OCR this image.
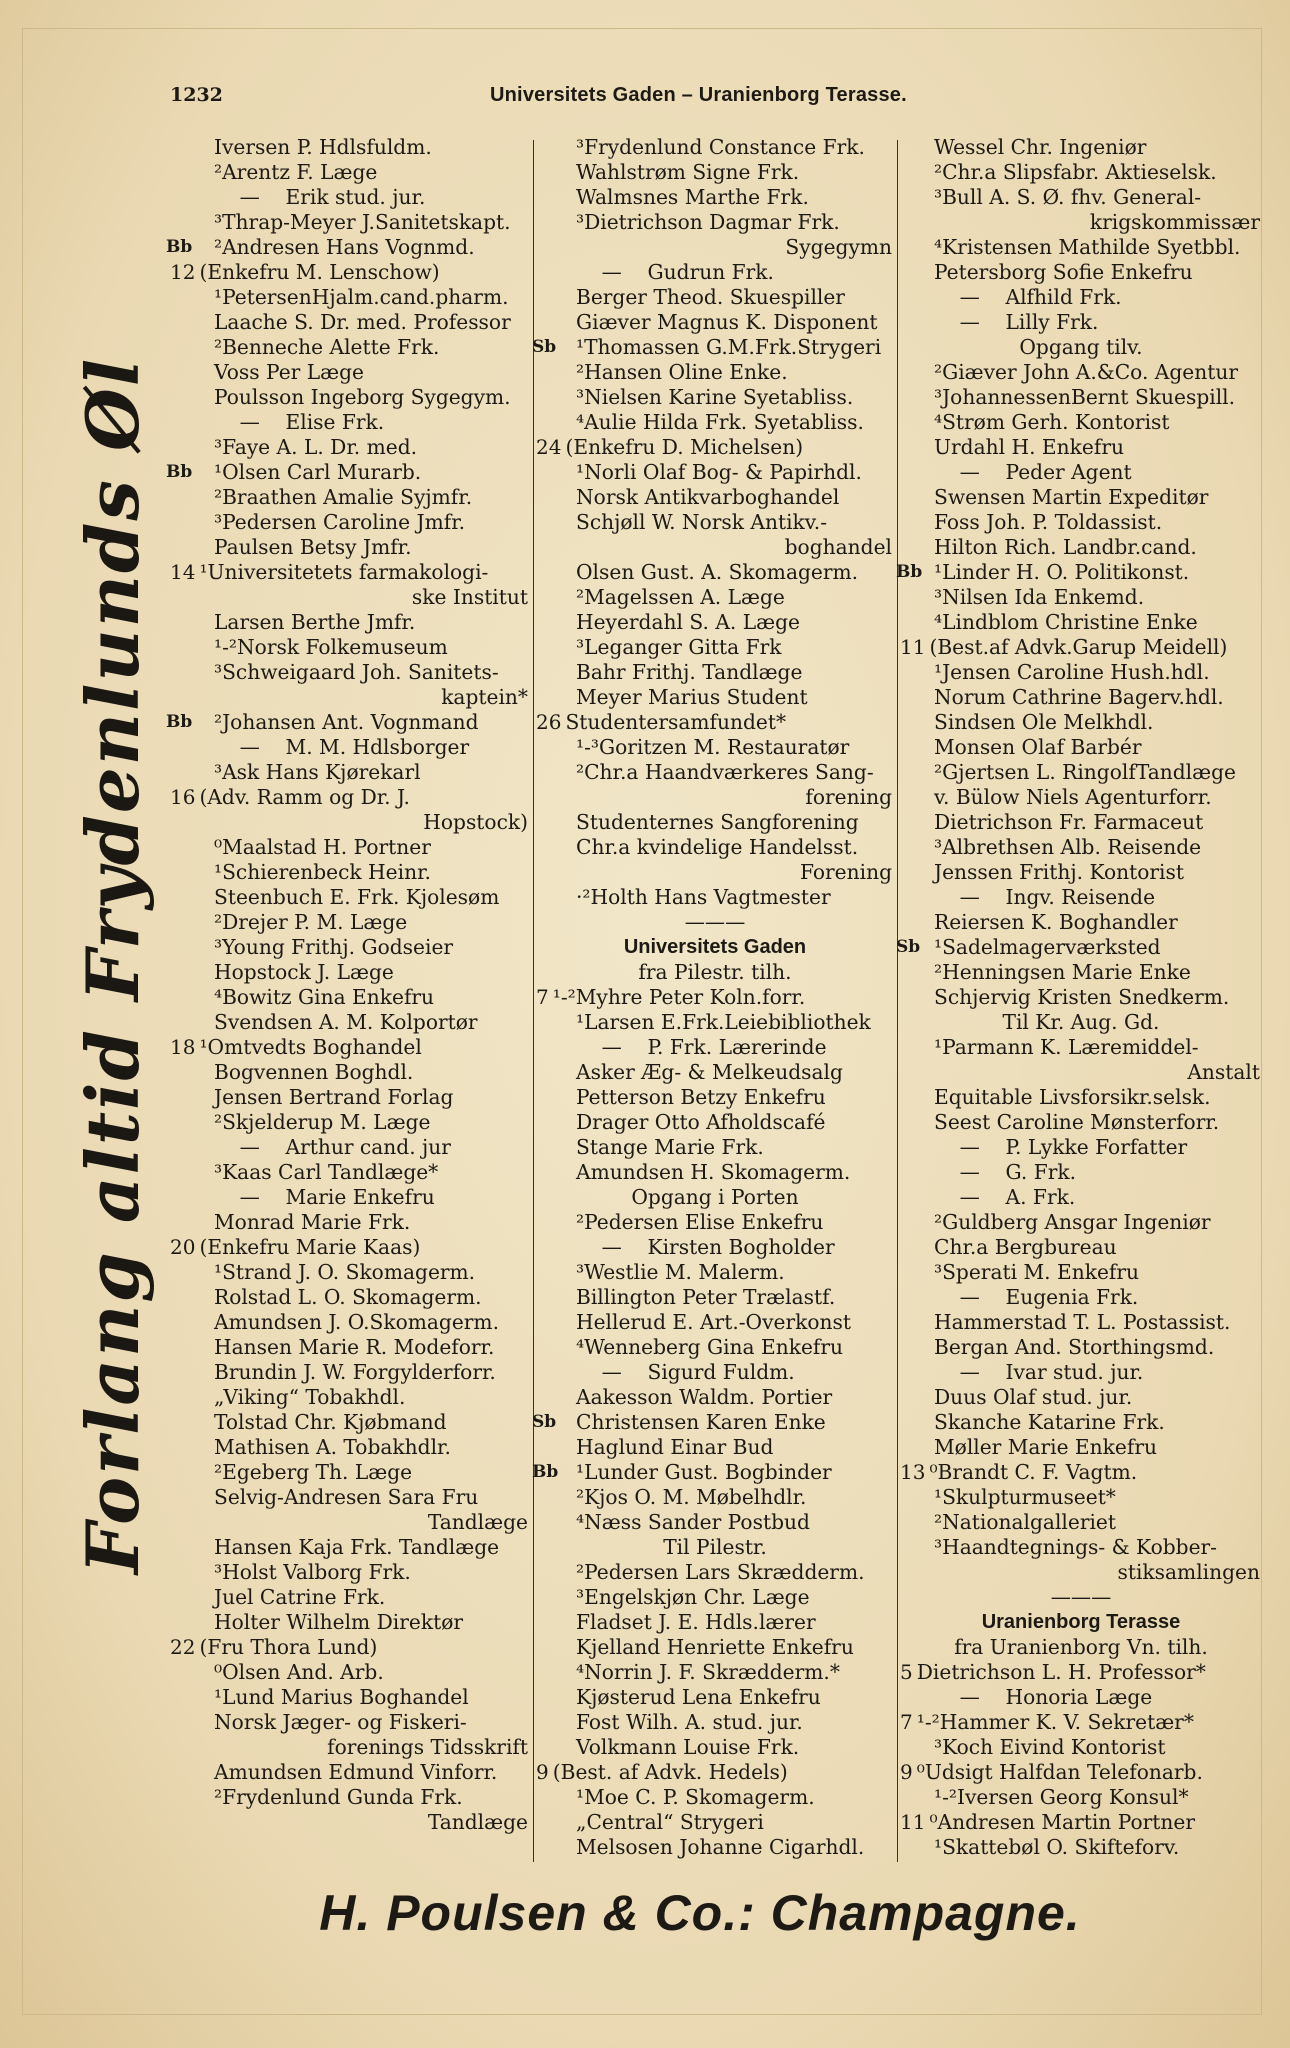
1232	Universitets Gaden – Uranienborg Terasse.
Forlang altid Frydenlunds Øl
Iversen P. Hdlsfuldm.
²Arentz F. Læge
—    Erik stud. jur.
³Thrap-Meyer J.Sanitetskapt.
Bb	²Andresen Hans Vognmd.
12 (Enkefru M. Lenschow)
¹PetersenHjalm.cand.pharm.
Laache S. Dr. med. Professor
²Benneche Alette Frk.
Voss Per Læge
Poulsson Ingeborg Sygegym.
—    Elise Frk.
³Faye A. L. Dr. med.
Bb	¹Olsen Carl Murarb.
²Braathen Amalie Syjmfr.
³Pedersen Caroline Jmfr.
Paulsen Betsy Jmfr.
14 ¹Universitetets farmakologi-
ske Institut
Larsen Berthe Jmfr.
¹-²Norsk Folkemuseum
³Schweigaard Joh. Sanitets-
kaptein*
Bb	²Johansen Ant. Vognmand
—    M. M. Hdlsborger
³Ask Hans Kjørekarl
16 (Adv. Ramm og Dr. J.
Hopstock)
⁰Maalstad H. Portner
¹Schierenbeck Heinr.
Steenbuch E. Frk. Kjolesøm
²Drejer P. M. Læge
³Young Frithj. Godseier
Hopstock J. Læge
⁴Bowitz Gina Enkefru
Svendsen A. M. Kolportør
18 ¹Omtvedts Boghandel
Bogvennen Boghdl.
Jensen Bertrand Forlag
²Skjelderup M. Læge
—    Arthur cand. jur
³Kaas Carl Tandlæge*
—    Marie Enkefru
Monrad Marie Frk.
20 (Enkefru Marie Kaas)
¹Strand J. O. Skomagerm.
Rolstad L. O. Skomagerm.
Amundsen J. O.Skomagerm.
Hansen Marie R. Modeforr.
Brundin J. W. Forgylderforr.
„Viking“ Tobakhdl.
Tolstad Chr. Kjøbmand
Mathisen A. Tobakhdlr.
²Egeberg Th. Læge
Selvig-Andresen Sara Fru
Tandlæge
Hansen Kaja Frk. Tandlæge
³Holst Valborg Frk.
Juel Catrine Frk.
Holter Wilhelm Direktør
22 (Fru Thora Lund)
⁰Olsen And. Arb.
¹Lund Marius Boghandel
Norsk Jæger- og Fiskeri-
forenings Tidsskrift
Amundsen Edmund Vinforr.
²Frydenlund Gunda Frk.
Tandlæge
³Frydenlund Constance Frk.
Wahlstrøm Signe Frk.
Walmsnes Marthe Frk.
³Dietrichson Dagmar Frk.
Sygegymn
—    Gudrun Frk.
Berger Theod. Skuespiller
Giæver Magnus K. Disponent
Sb ¹Thomassen G.M.Frk.Strygeri
²Hansen Oline Enke.
³Nielsen Karine Syetabliss.
⁴Aulie Hilda Frk. Syetabliss.
24 (Enkefru D. Michelsen)
¹Norli Olaf Bog- & Papirhdl.
Norsk Antikvarboghandel
Schjøll W. Norsk Antikv.-
boghandel
Olsen Gust. A. Skomagerm.
²Magelssen A. Læge
Heyerdahl S. A. Læge
³Leganger Gitta Frk
Bahr Frithj. Tandlæge
Meyer Marius Student
26 Studentersamfundet*
¹-³Goritzen M. Restauratør
²Chr.a Haandværkeres Sang-
forening
Studenternes Sangforening
Chr.a kvindelige Handelsst.
Forening
·²Holth Hans Vagtmester
———
Universitets Gaden
fra Pilestr. tilh.
7 ¹-²Myhre Peter Koln.forr.
¹Larsen E.Frk.Leiebibliothek
—    P. Frk. Lærerinde
Asker Æg- & Melkeudsalg
Petterson Betzy Enkefru
Drager Otto Afholdscafé
Stange Marie Frk.
Amundsen H. Skomagerm.
Opgang i Porten
²Pedersen Elise Enkefru
—    Kirsten Bogholder
³Westlie M. Malerm.
Billington Peter Trælastf.
Hellerud E. Art.-Overkonst
⁴Wenneberg Gina Enkefru
—    Sigurd Fuldm.
Aakesson Waldm. Portier
Sb Christensen Karen Enke
Haglund Einar Bud
Bb ¹Lunder Gust. Bogbinder
²Kjos O. M. Møbelhdlr.
⁴Næss Sander Postbud
Til Pilestr.
²Pedersen Lars Skrædderm.
³Engelskjøn Chr. Læge
Fladset J. E. Hdls.lærer
Kjelland Henriette Enkefru
⁴Norrin J. F. Skrædderm.*
Kjøsterud Lena Enkefru
Fost Wilh. A. stud. jur.
Volkmann Louise Frk.
9 (Best. af Advk. Hedels)
¹Moe C. P. Skomagerm.
„Central“ Strygeri
Melsosen Johanne Cigarhdl.
Wessel Chr. Ingeniør
²Chr.a Slipsfabr. Aktieselsk.
³Bull A. S. Ø. fhv. General-
krigskommissær
⁴Kristensen Mathilde Syetbbl.
Petersborg Sofie Enkefru
—    Alfhild Frk.
—    Lilly Frk.
Opgang tilv.
²Giæver John A.&Co. Agentur
³JohannessenBernt Skuespill.
⁴Strøm Gerh. Kontorist
Urdahl H. Enkefru
—    Peder Agent
Swensen Martin Expeditør
Foss Joh. P. Toldassist.
Hilton Rich. Landbr.cand.
Bb ¹Linder H. O. Politikonst.
³Nilsen Ida Enkemd.
⁴Lindblom Christine Enke
11 (Best.af Advk.Garup Meidell)
¹Jensen Caroline Hush.hdl.
Norum Cathrine Bagerv.hdl.
Sindsen Ole Melkhdl.
Monsen Olaf Barbér
²Gjertsen L. RingolfTandlæge
v. Bülow Niels Agenturforr.
Dietrichson Fr. Farmaceut
³Albrethsen Alb. Reisende
Jenssen Frithj. Kontorist
—    Ingv. Reisende
Reiersen K. Boghandler
Sb ¹Sadelmagerværksted
²Henningsen Marie Enke
Schjervig Kristen Snedkerm.
Til Kr. Aug. Gd.
¹Parmann K. Læremiddel-
Anstalt
Equitable Livsforsikr.selsk.
Seest Caroline Mønsterforr.
—    P. Lykke Forfatter
—    G. Frk.
—    A. Frk.
²Guldberg Ansgar Ingeniør
Chr.a Bergbureau
³Sperati M. Enkefru
—    Eugenia Frk.
Hammerstad T. L. Postassist.
Bergan And. Storthingsmd.
—    Ivar stud. jur.
Duus Olaf stud. jur.
Skanche Katarine Frk.
Møller Marie Enkefru
13 ⁰Brandt C. F. Vagtm.
¹Skulpturmuseet*
²Nationalgalleriet
³Haandtegnings- & Kobber-
stiksamlingen
———
Uranienborg Terasse
fra Uranienborg Vn. tilh.
5 Dietrichson L. H. Professor*
—    Honoria Læge
7 ¹-²Hammer K. V. Sekretær*
³Koch Eivind Kontorist
9 ⁰Udsigt Halfdan Telefonarb.
¹-²Iversen Georg Konsul*
11 ⁰Andresen Martin Portner
¹Skattebøl O. Skifteforv.
H. Poulsen & Co.: Champagne.
